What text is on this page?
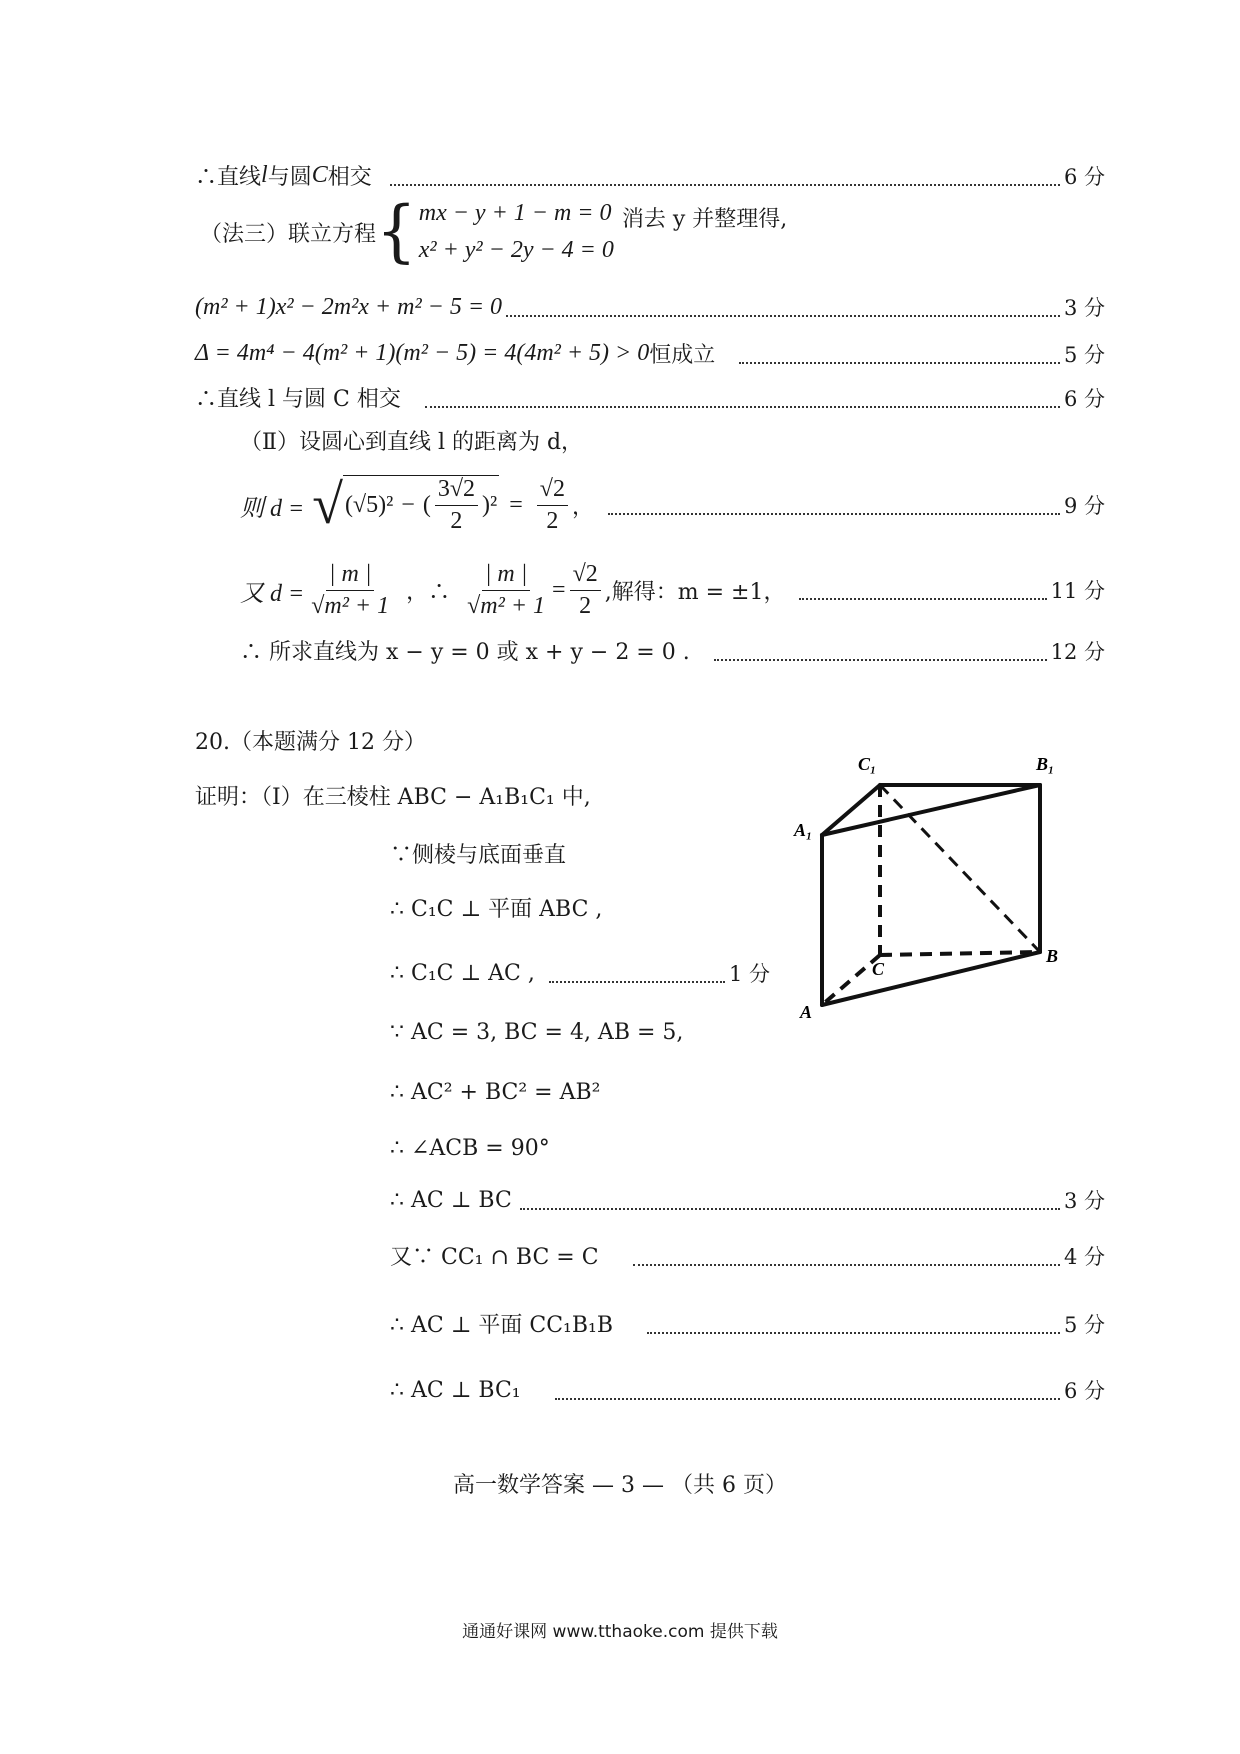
∴直线 l 与圆 C 相交	6 分
（法三）联立方程 { mx − y + 1 − m = 0
x² + y² − 2y − 4 = 0
消去 y 并整理得,
(m² + 1)x² − 2m²x + m² − 5 = 0	3 分
Δ = 4m⁴ − 4(m² + 1)(m² − 5) = 4(4m² + 5) > 0 恒成立	5 分
∴直线 l 与圆 C 相交	6 分
（Ⅱ）设圆心到直线 l 的距离为 d，
则 d = √ (√5)² − ( $\frac{3√2}{2}$ ) $^2 = \frac{√2}{2}$ ，	9 分
又 $d = \frac{| m |}{\text{√m² + 1}}$ ，∴ $\frac{| m |}{\text{√m² + 1}} = \frac{√2}{2}$ ,解得：m = ±1，	11 分
∴ 所求直线为 x − y = 0 或 x + y − 2 = 0 .	12 分
20.（本题满分 12 分）
证明：（Ⅰ）在三棱柱 ABC − A₁B₁C₁ 中,
∵侧棱与底面垂直
∴ C₁C ⊥ 平面 ABC ,
∴ C₁C ⊥ AC ,	1 分
∵ AC = 3, BC = 4, AB = 5,
∴ AC² + BC² = AB²
∴ ∠ACB = 90°
∴ AC ⊥ BC	3 分
又∵ CC₁ ∩ BC = C	4 分
∴ AC ⊥ 平面 CC₁B₁B	5 分
∴ AC ⊥ BC₁	6 分
C₁	B₁
A₁
C
B
A
高一数学答案 — 3 — （共 6 页）
通通好课网 www.tthaoke.com 提供下载
